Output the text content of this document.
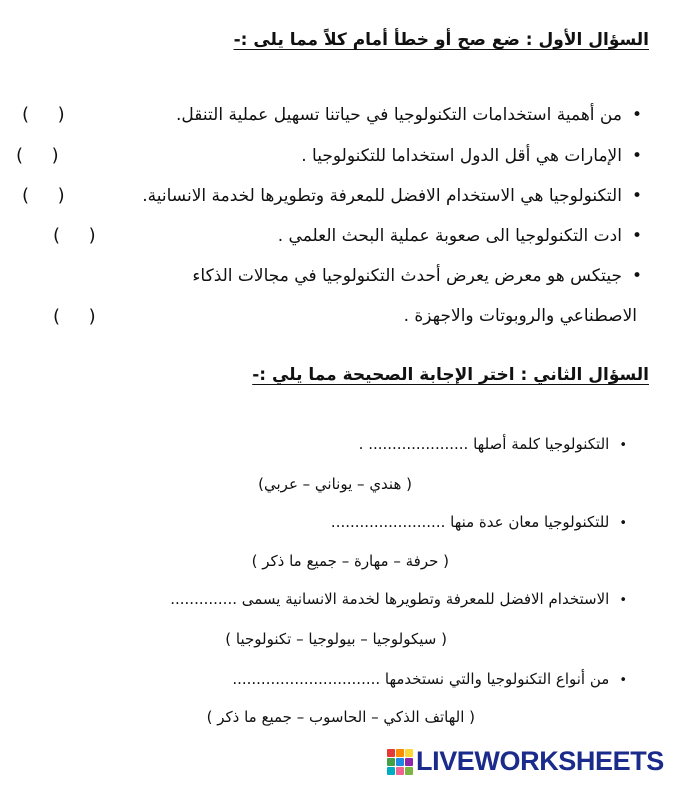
السؤال الأول : ضع صح أو خطأ أمام كلاً مما يلى :-
•من أهمية استخدامات التكنولوجيا في حياتنا تسهيل عملية التنقل.
(     )
•الإمارات هي أقل الدول استخداما للتكنولوجيا .
(     )
•التكنولوجيا هي الاستخدام الافضل للمعرفة وتطويرها لخدمة الانسانية.
(     )
•ادت التكنولوجيا الى صعوبة عملية البحث العلمي .
(     )
•جيتكس هو معرض يعرض أحدث التكنولوجيا في مجالات الذكاء
الاصطناعي والروبوتات والاجهزة .
(     )
السؤال الثاني : اختر الإجابة الصحيحة مما يلي :-
•التكنولوجيا كلمة أصلها ..................... .
( هندي – يوناني – عربي)
•للتكنولوجيا معان عدة منها ........................
( حرفة – مهارة – جميع ما ذكر )
•الاستخدام الافضل للمعرفة وتطويرها لخدمة الانسانية يسمى ..............
( سيكولوجيا – بيولوجيا – تكنولوجيا )
•من أنواع التكنولوجيا والتي نستخدمها ...............................
( الهاتف الذكي – الحاسوب – جميع ما ذكر )
LIVEWORKSHEETS
